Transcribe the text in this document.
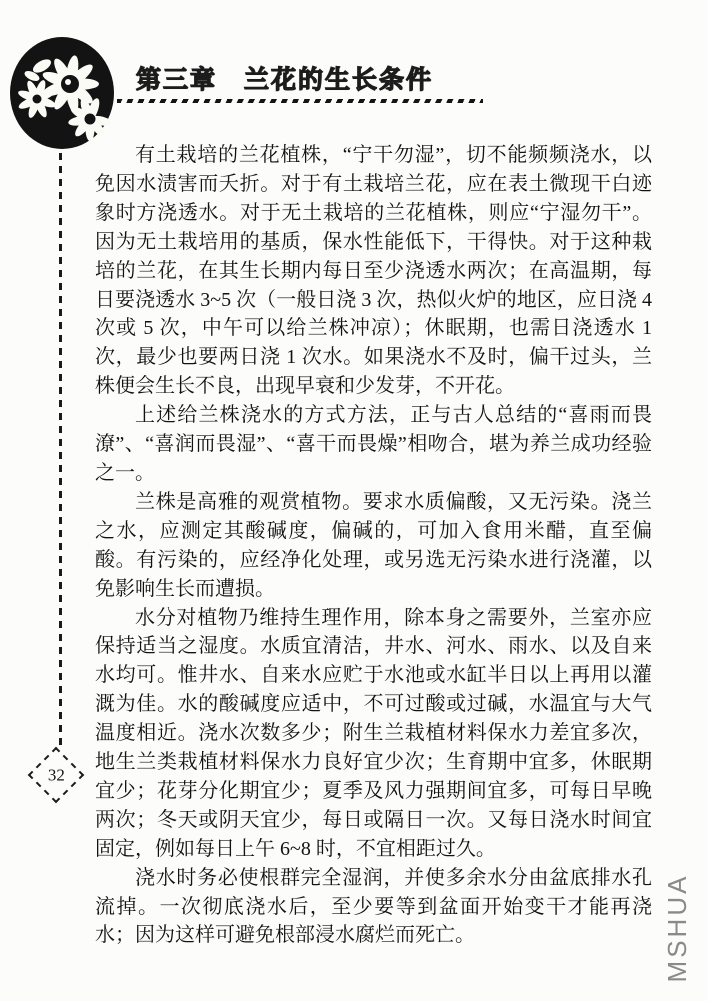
第三章　兰花的生长条件
32

有土栽培的兰花植株，“宁干勿湿”，切不能频频浇水，以免因水渍害而夭折。对于有土栽培兰花，应在表土微现干白迹象时方浇透水。对于无土栽培的兰花植株，则应“宁湿勿干”。因为无土栽培用的基质，保水性能低下，干得快。对于这种栽培的兰花，在其生长期内每日至少浇透水两次；在高温期，每日要浇透水 3~5 次（一般日浇 3 次，热似火炉的地区，应日浇 4 次或 5 次，中午可以给兰株冲凉）；休眠期，也需日浇透水 1 次，最少也要两日浇 1 次水。如果浇水不及时，偏干过头，兰株便会生长不良，出现早衰和少发芽，不开花。

上述给兰株浇水的方式方法，正与古人总结的“喜雨而畏潦”、“喜润而畏湿”、“喜干而畏燥”相吻合，堪为养兰成功经验之一。

兰株是高雅的观赏植物。要求水质偏酸，又无污染。浇兰之水，应测定其酸碱度，偏碱的，可加入食用米醋，直至偏酸。有污染的，应经净化处理，或另选无污染水进行浇灌，以免影响生长而遭损。

水分对植物乃维持生理作用，除本身之需要外，兰室亦应保持适当之湿度。水质宜清洁，井水、河水、雨水、以及自来水均可。惟井水、自来水应贮于水池或水缸半日以上再用以灌溉为佳。水的酸碱度应适中，不可过酸或过碱，水温宜与大气温度相近。浇水次数多少；附生兰栽植材料保水力差宜多次，地生兰类栽植材料保水力良好宜少次；生育期中宜多，休眠期宜少；花芽分化期宜少；夏季及风力强期间宜多，可每日早晚两次；冬天或阴天宜少，每日或隔日一次。又每日浇水时间宜固定，例如每日上午 6~8 时，不宜相距过久。

浇水时务必使根群完全湿润，并使多余水分由盆底排水孔流掉。一次彻底浇水后，至少要等到盆面开始变干才能再浇水；因为这样可避免根部浸水腐烂而死亡。	MSHUA
